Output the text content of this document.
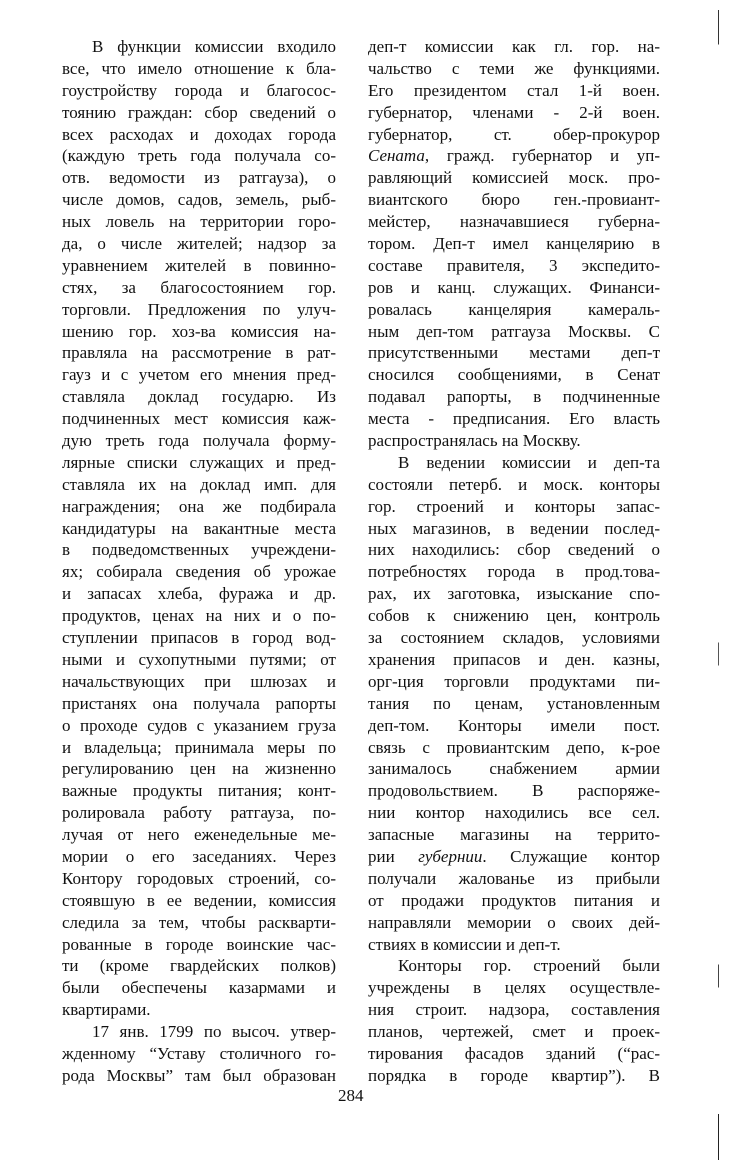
В функции комиссии входило
все, что имело отношение к бла-
гоустройству города и благосос-
тоянию граждан: сбор сведений о
всех расходах и доходах города
(каждую треть года получала со-
отв. ведомости из ратгауза), о
числе домов, садов, земель, рыб-
ных ловель на территории горо-
да, о числе жителей; надзор за
уравнением жителей в повинно-
стях, за благосостоянием гор.
торговли. Предложения по улуч-
шению гор. хоз-ва комиссия на-
правляла на рассмотрение в рат-
гауз и с учетом его мнения пред-
ставляла доклад государю. Из
подчиненных мест комиссия каж-
дую треть года получала форму-
лярные списки служащих и пред-
ставляла их на доклад имп. для
награждения; она же подбирала
кандидатуры на вакантные места
в подведомственных учреждени-
ях; собирала сведения об урожае
и запасах хлеба, фуража и др.
продуктов, ценах на них и о по-
ступлении припасов в город вод-
ными и сухопутными путями; от
начальствующих при шлюзах и
пристанях она получала рапорты
о проходе судов с указанием груза
и владельца; принимала меры по
регулированию цен на жизненно
важные продукты питания; конт-
ролировала работу ратгауза, по-
лучая от него еженедельные ме-
мории о его заседаниях. Через
Контору городовых строений, со-
стоявшую в ее ведении, комиссия
следила за тем, чтобы раскварти-
рованные в городе воинские час-
ти (кроме гвардейских полков)
были обеспечены казармами и
квартирами.
17 янв. 1799 по высоч. утвер-
жденному “Уставу столичного го-
рода Москвы” там был образован
деп-т комиссии как гл. гор. на-
чальство с теми же функциями.
Его президентом стал 1-й воен.
губернатор, членами - 2-й воен.
губернатор, ст. обер-прокурор
Сената, гражд. губернатор и уп-
равляющий комиссией моск. про-
виантского бюро ген.-провиант-
мейстер, назначавшиеся губерна-
тором. Деп-т имел канцелярию в
составе правителя, 3 экспедито-
ров и канц. служащих. Финанси-
ровалась канцелярия камераль-
ным деп-том ратгауза Москвы. С
присутственными местами деп-т
сносился сообщениями, в Сенат
подавал рапорты, в подчиненные
места - предписания. Его власть
распространялась на Москву.
В ведении комиссии и деп-та
состояли петерб. и моск. конторы
гор. строений и конторы запас-
ных магазинов, в ведении послед-
них находились: сбор сведений о
потребностях города в прод.това-
рах, их заготовка, изыскание спо-
собов к снижению цен, контроль
за состоянием складов, условиями
хранения припасов и ден. казны,
орг-ция торговли продуктами пи-
тания по ценам, установленным
деп-том. Конторы имели пост.
связь с провиантским депо, к-рое
занималось снабжением армии
продовольствием. В распоряже-
нии контор находились все сел.
запасные магазины на террито-
рии губернии. Служащие контор
получали жалованье из прибыли
от продажи продуктов питания и
направляли мемории о своих дей-
ствиях в комиссии и деп-т.
Конторы гор. строений были
учреждены в целях осуществле-
ния строит. надзора, составления
планов, чертежей, смет и проек-
тирования фасадов зданий (“рас-
порядка в городе квартир”). В
284
